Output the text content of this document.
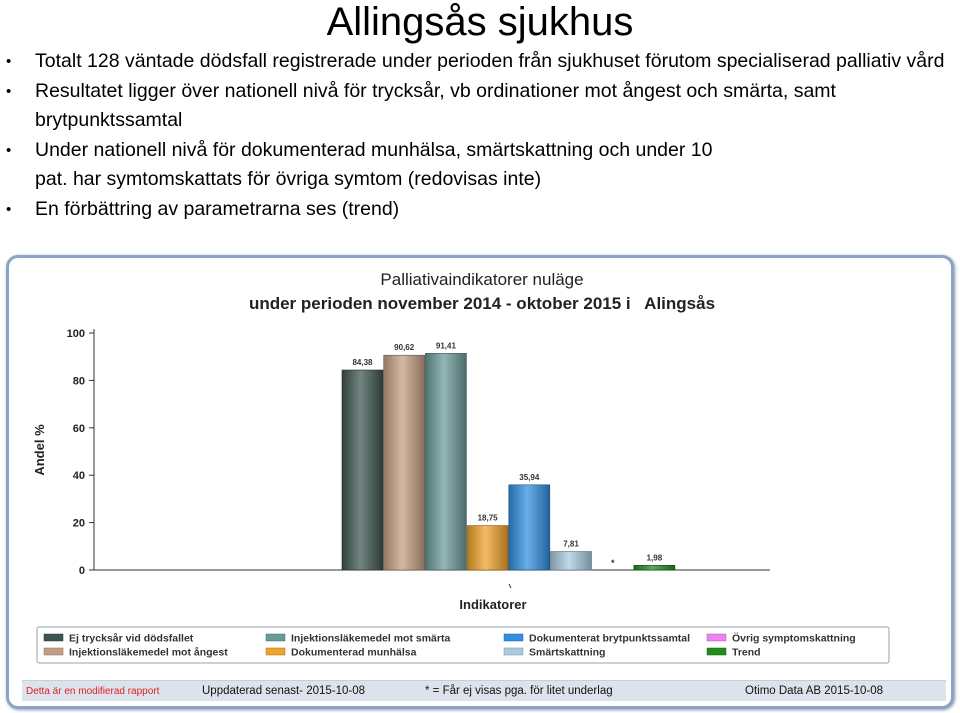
Allingsås sjukhus
• Totalt 128 väntade dödsfall registrerade under perioden från sjukhuset förutom specialiserad palliativ vård
• Resultatet ligger över nationell nivå för trycksår, vb ordinationer mot ångest och smärta, samt brytpunktssamtal
• Under nationell nivå för dokumenterad munhälsa, smärtskattning och under 10 pat. har symtomskattats för övriga symtom (redovisas inte)
• En förbättring av parametrarna ses (trend)
Palliativaindikatorer nuläge
under perioden november 2014 - oktober 2015 i   Alingsås
Andel %
Indikatorer
0
20
40
60
80
100
84,38
90,62	91,41
18,75
35,94
7,81
*
1,98
Ej trycksår vid dödsfallet	Injektionsläkemedel mot smärta	Dokumenterat brytpunktssamtal	Övrig symptomskattning
Injektionsläkemedel mot ångest	Dokumenterad munhälsa	Smärtskattning	Trend
Detta är en modifierad rapport	Uppdaterad senast- 2015-10-08	* = Får ej visas pga. för litet underlag	Otimo Data AB 2015-10-08
